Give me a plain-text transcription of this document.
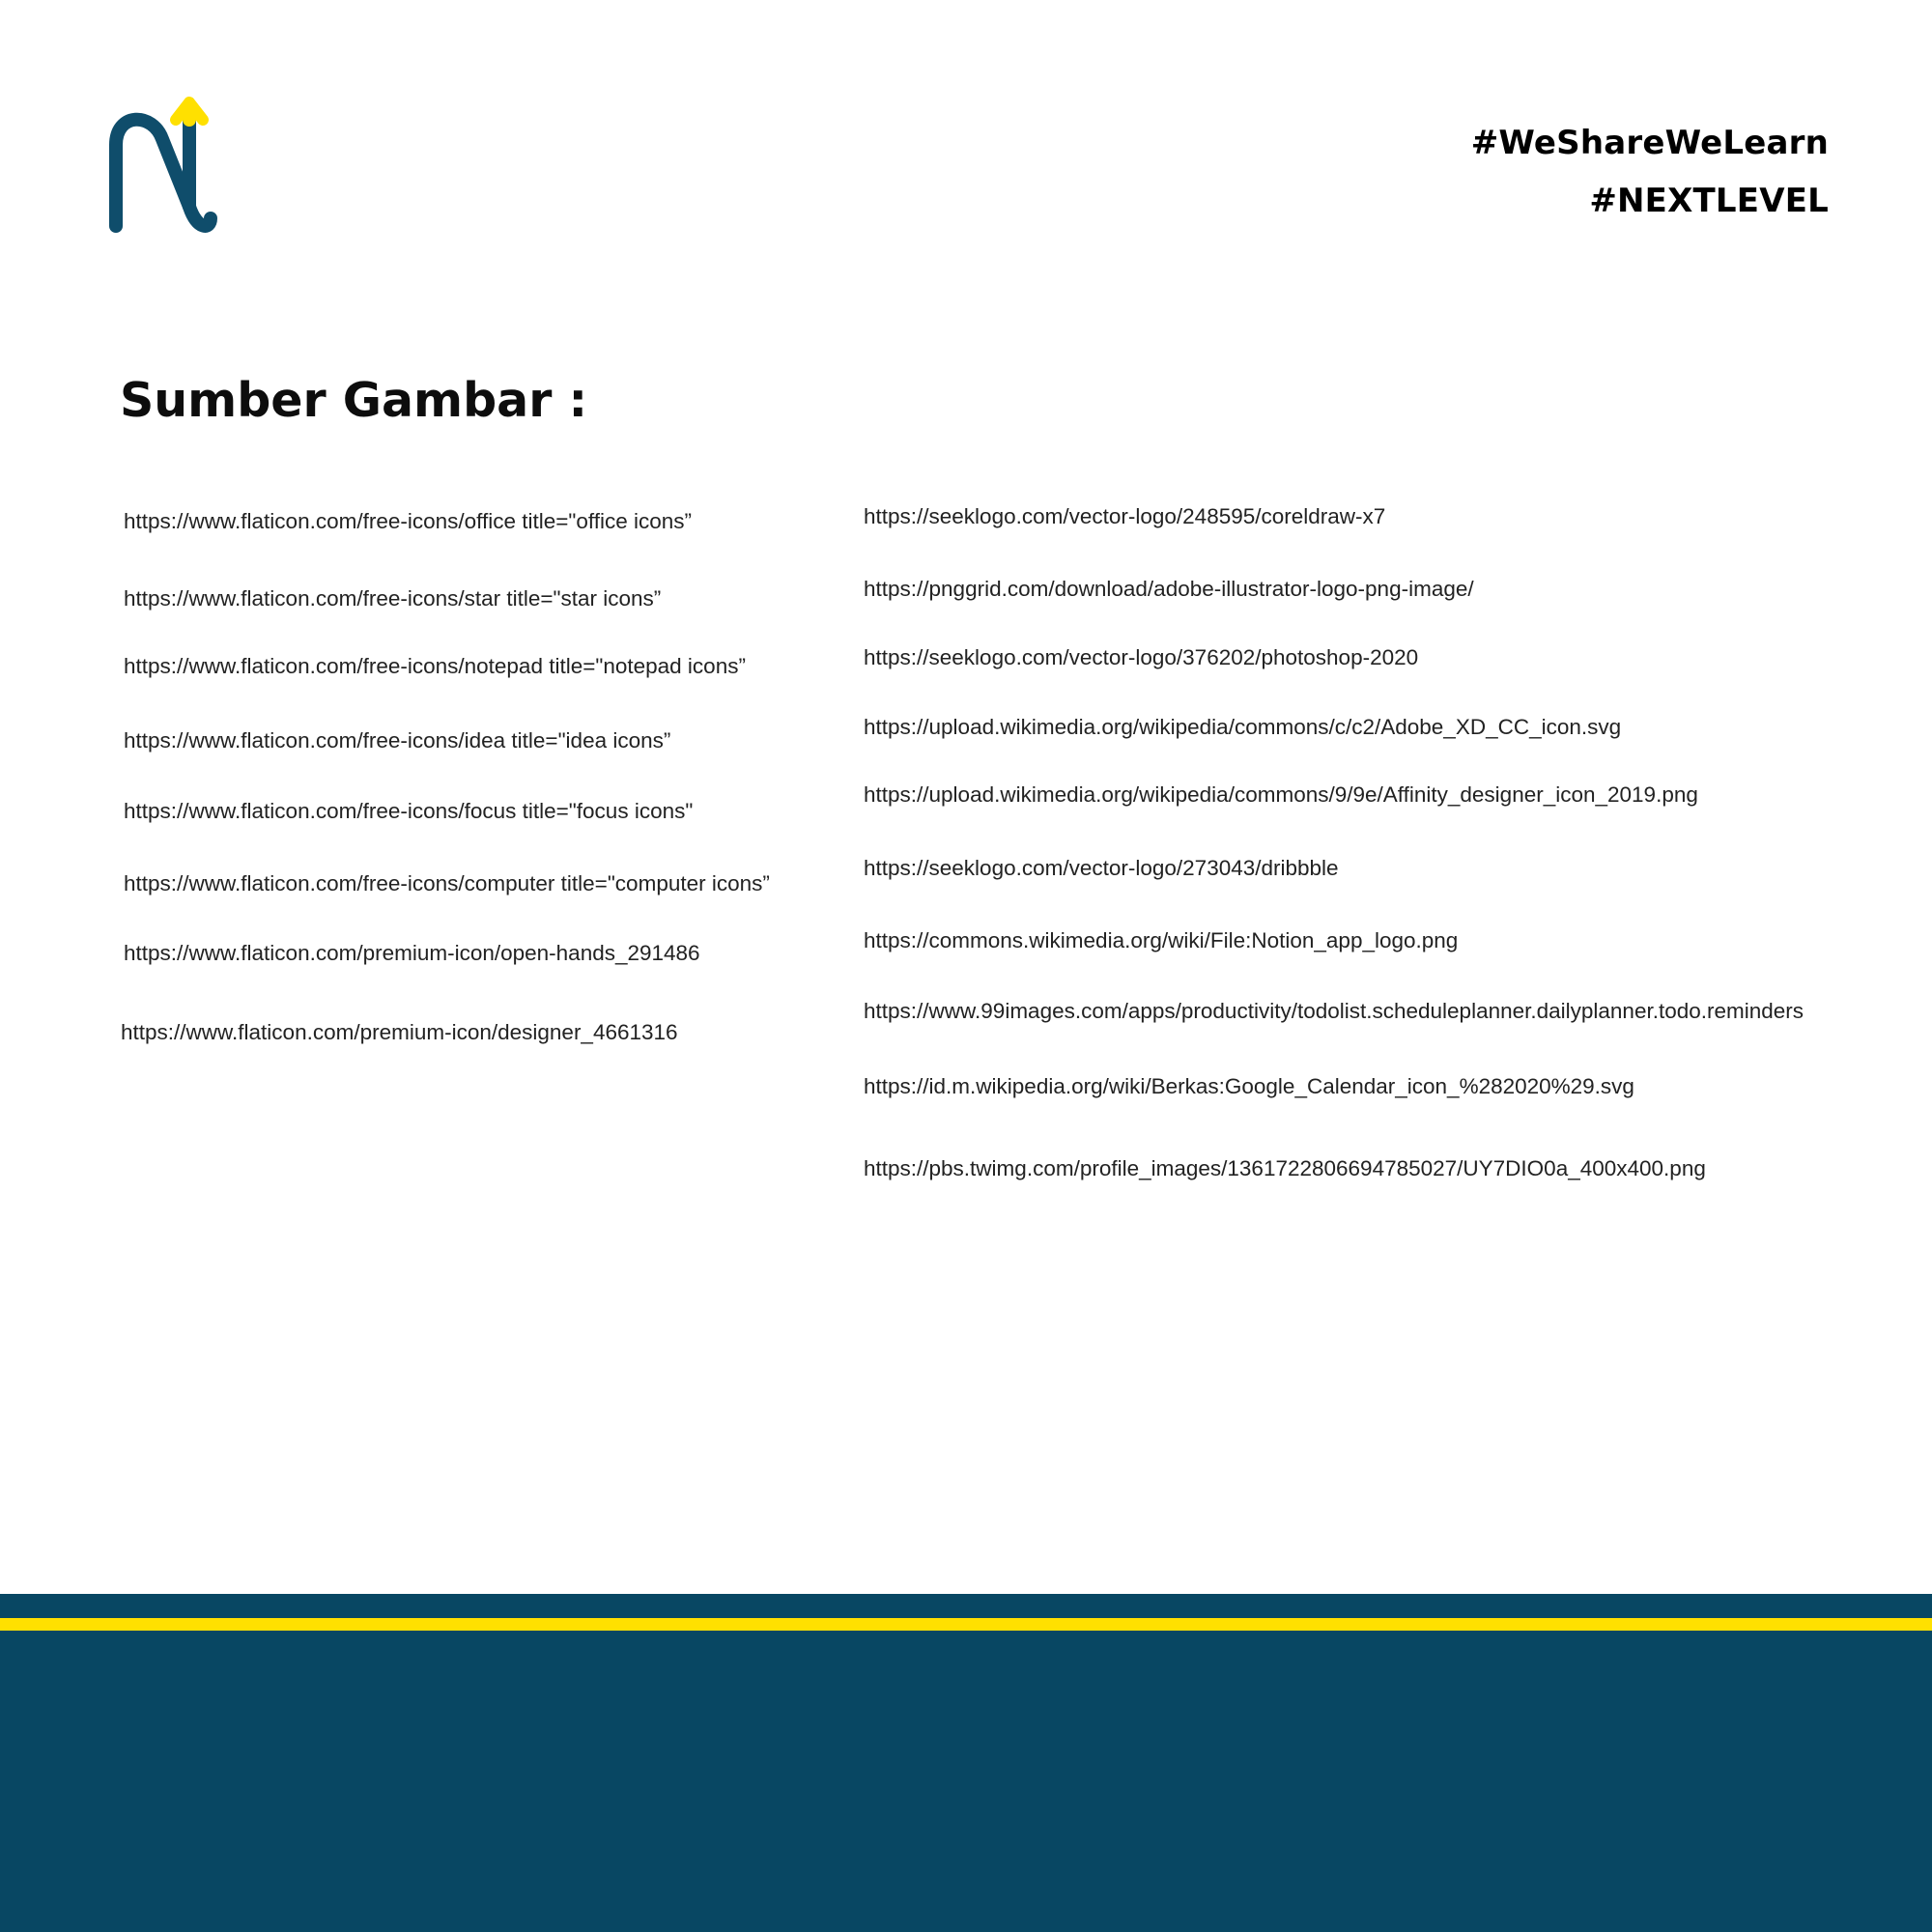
#WeShareWeLearn
#NEXTLEVEL
Sumber Gambar :
https://www.flaticon.com/free-icons/office title="office icons”
https://www.flaticon.com/free-icons/star title="star icons”
https://www.flaticon.com/free-icons/notepad title="notepad icons”
https://www.flaticon.com/free-icons/idea title="idea icons”
https://www.flaticon.com/free-icons/focus title="focus icons"
https://www.flaticon.com/free-icons/computer title="computer icons”
https://www.flaticon.com/premium-icon/open-hands_291486
https://www.flaticon.com/premium-icon/designer_4661316
https://seeklogo.com/vector-logo/248595/coreldraw-x7
https://pnggrid.com/download/adobe-illustrator-logo-png-image/
https://seeklogo.com/vector-logo/376202/photoshop-2020
https://upload.wikimedia.org/wikipedia/commons/c/c2/Adobe_XD_CC_icon.svg
https://upload.wikimedia.org/wikipedia/commons/9/9e/Affinity_designer_icon_2019.png
https://seeklogo.com/vector-logo/273043/dribbble
https://commons.wikimedia.org/wiki/File:Notion_app_logo.png
https://www.99images.com/apps/productivity/todolist.scheduleplanner.dailyplanner.todo.reminders
https://id.m.wikipedia.org/wiki/Berkas:Google_Calendar_icon_%282020%29.svg
https://pbs.twimg.com/profile_images/1361722806694785027/UY7DIO0a_400x400.png
